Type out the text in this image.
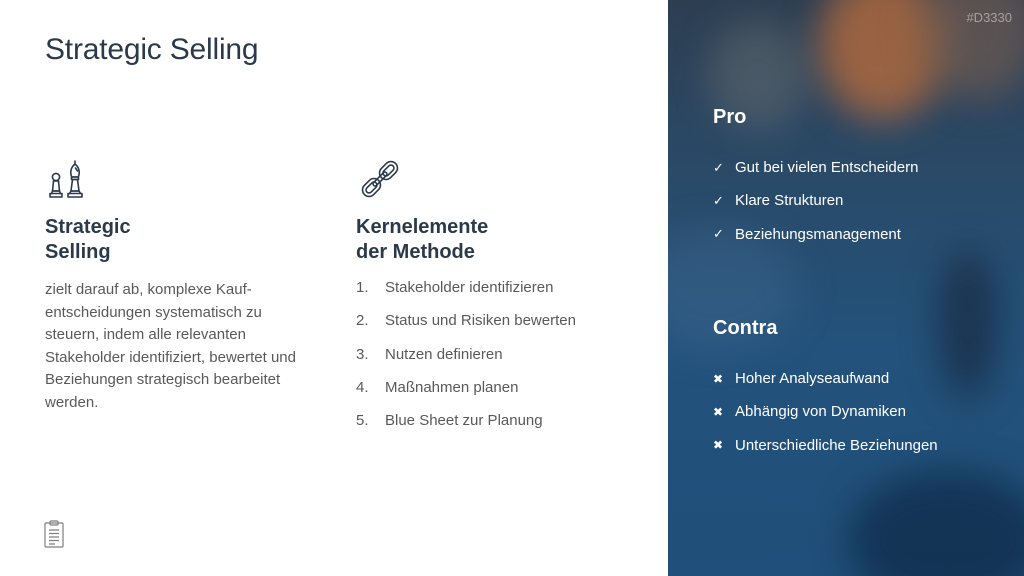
Strategic Selling
Strategic
Selling

zielt darauf ab, komplexe Kauf-entscheidungen systematisch zu steuern, indem alle relevanten Stakeholder identifiziert, bewertet und Beziehungen strategisch bearbeitet werden.

Kernelemente
der Methode
1.	Stakeholder identifizieren
2.	Status und Risiken bewerten
3.	Nutzen definieren
4.	Maßnahmen planen
5.	Blue Sheet zur Planung
#D3330
Pro
✓ Gut bei vielen Entscheidern
✓ Klare Strukturen
✓ Beziehungsmanagement
Contra
✖ Hoher Analyseaufwand
✖ Abhängig von Dynamiken
✖ Unterschiedliche Beziehungen
